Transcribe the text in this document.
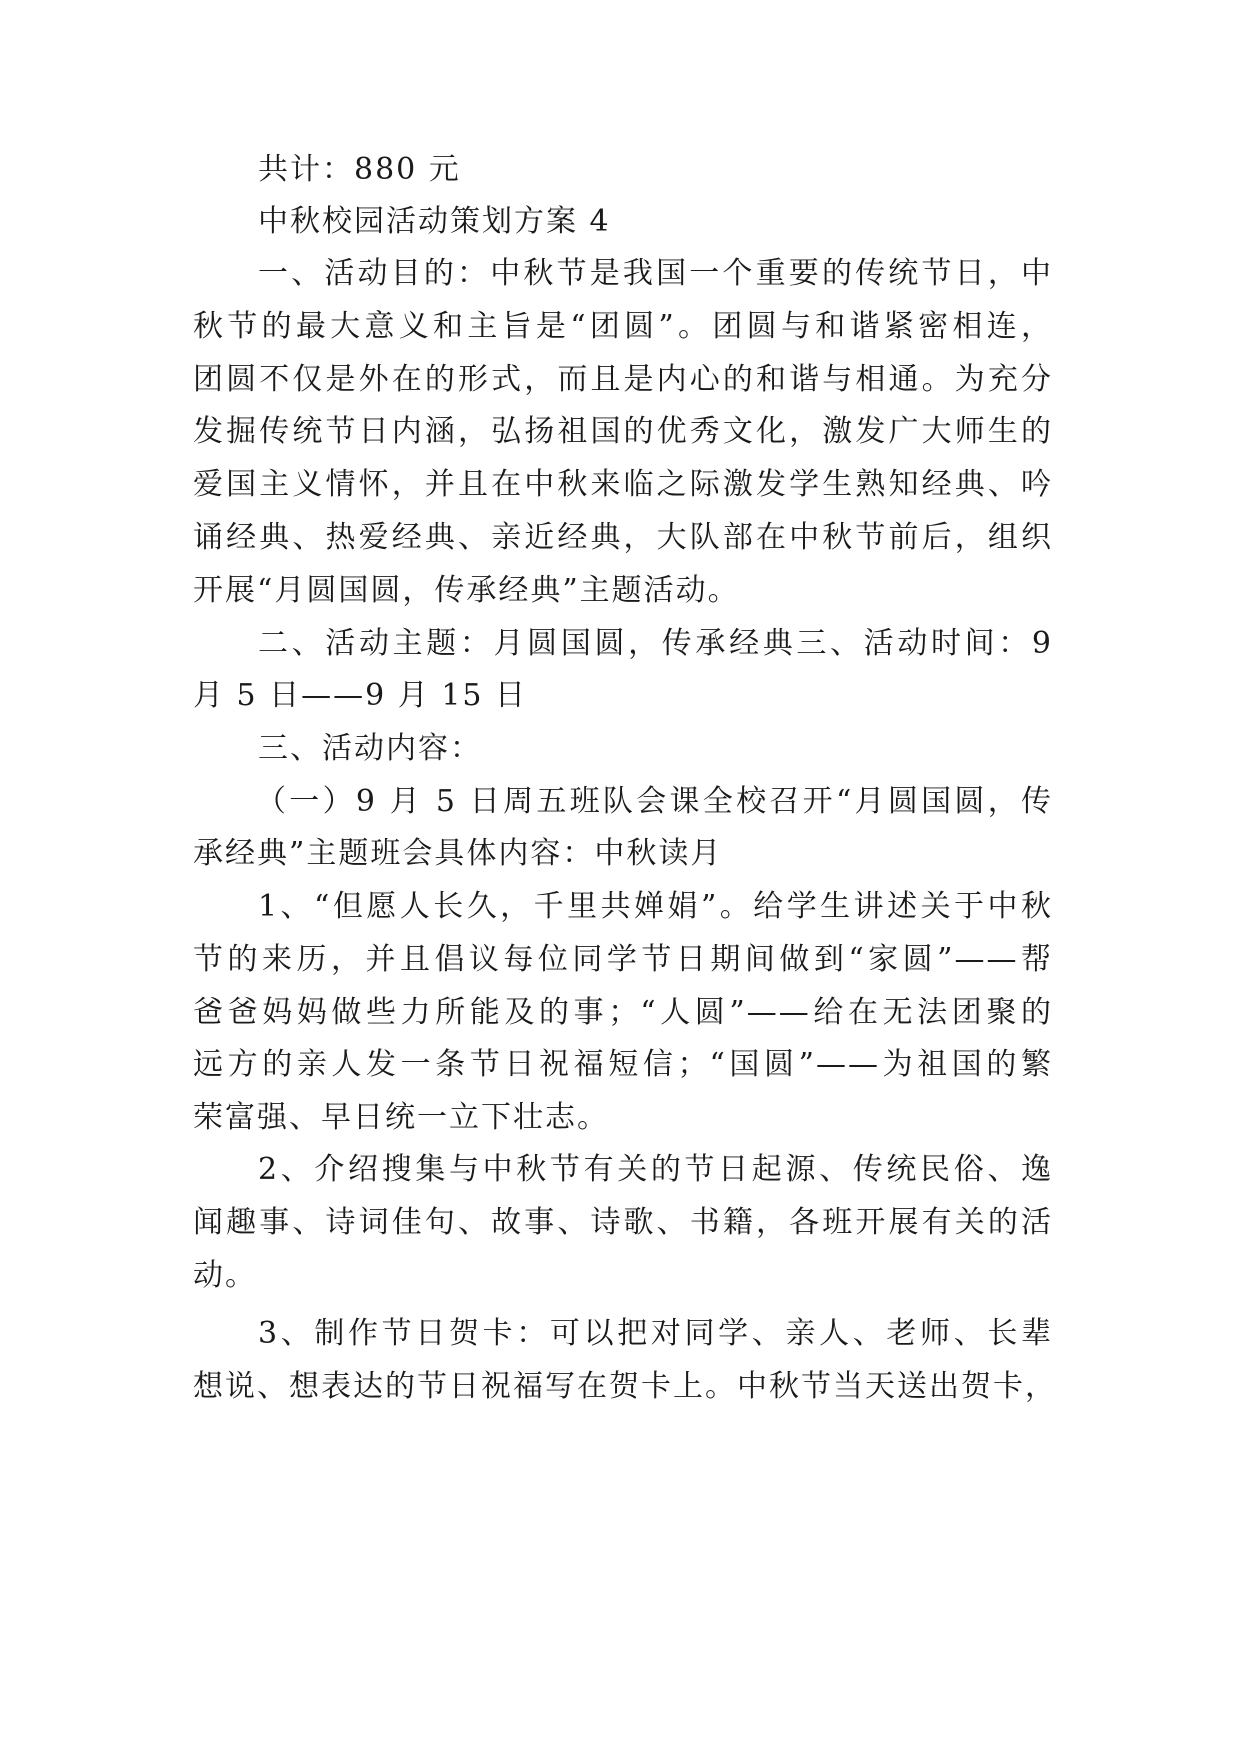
共计：880 元
中秋校园活动策划方案 4
一、活动目的：中秋节是我国一个重要的传统节日，中
秋节的最大意义和主旨是“团圆”。团圆与和谐紧密相连，
团圆不仅是外在的形式，而且是内心的和谐与相通。为充分
发掘传统节日内涵，弘扬祖国的优秀文化，激发广大师生的
爱国主义情怀，并且在中秋来临之际激发学生熟知经典、吟
诵经典、热爱经典、亲近经典，大队部在中秋节前后，组织
开展“月圆国圆，传承经典”主题活动。
二、活动主题：月圆国圆，传承经典三、活动时间：9
月 5 日——9 月 15 日
三、活动内容：
（一）9 月 5 日周五班队会课全校召开“月圆国圆，传
承经典”主题班会具体内容：中秋读月
1、“但愿人长久，千里共婵娟”。给学生讲述关于中秋
节的来历，并且倡议每位同学节日期间做到“家圆”——帮
爸爸妈妈做些力所能及的事；“人圆”——给在无法团聚的
远方的亲人发一条节日祝福短信；“国圆”——为祖国的繁
荣富强、早日统一立下壮志。
2、介绍搜集与中秋节有关的节日起源、传统民俗、逸
闻趣事、诗词佳句、故事、诗歌、书籍，各班开展有关的活
动。
3、制作节日贺卡：可以把对同学、亲人、老师、长辈
想说、想表达的节日祝福写在贺卡上。中秋节当天送出贺卡，
